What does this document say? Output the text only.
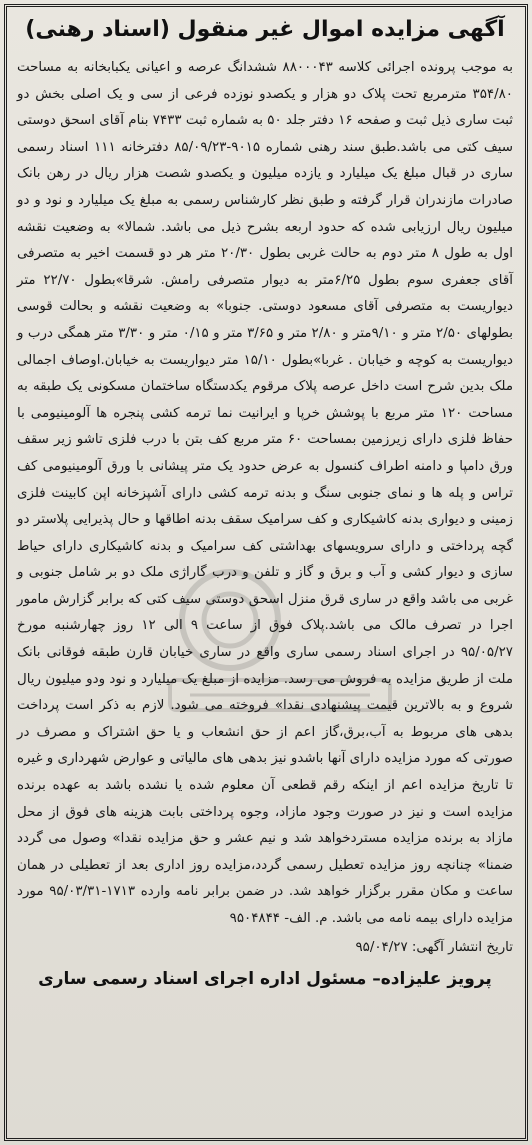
آگهی مزایده اموال غیر منقول (اسناد رهنی)

به موجب پرونده اجرائی کلاسه ۸۸۰۰۰۴۳ ششدانگ عرصه و اعیانی یکبابخانه به مساحت ۳۵۴/۸۰ مترمربع تحت پلاک دو هزار و یکصدو نوزده فرعی از سی و یک اصلی بخش دو ثبت ساری ذیل ثبت و صفحه ۱۶ دفتر جلد ۵۰ به شماره ثبت ۷۴۳۳ بنام آقای اسحق دوستی سیف کتی می باشد.طبق سند رهنی شماره ۹۰۱۵-۸۵/۰۹/۲۳ دفترخانه ۱۱۱ اسناد رسمی ساری در قبال مبلغ یک میلیارد و یازده میلیون و یکصدو شصت هزار ریال در رهن بانک صادرات مازندران قرار گرفته و طبق نظر کارشناس رسمی به مبلغ یک میلیارد و نود و دو میلیون ریال ارزیابی شده که حدود اربعه بشرح ذیل می باشد. شمالا» به وضعیت نقشه اول به طول ۸ متر دوم به حالت غربی بطول ۲۰/۳۰ متر هر دو قسمت اخیر به متصرفی آقای جعفری سوم بطول ۶/۲۵متر به دیوار متصرفی رامش. شرقا»بطول ۲۲/۷۰ متر دیواریست به متصرفی آقای مسعود دوستی. جنوبا» به وضعیت نقشه و بحالت قوسی بطولهای ۲/۵۰ متر و ۹/۱۰متر و ۲/۸۰ متر و ۳/۶۵ متر و ۰/۱۵ متر و ۳/۳۰ متر همگی درب و دیواریست به کوچه و خیابان . غربا»بطول ۱۵/۱۰ متر دیواریست به خیابان.اوصاف اجمالی ملک بدین شرح است داخل عرصه پلاک مرقوم یکدستگاه ساختمان مسکونی یک طبقه به مساحت ۱۲۰ متر مربع با پوشش خرپا و ایرانیت نما ترمه کشی پنجره ها آلومینیومی با حفاظ فلزی دارای زیرزمین بمساحت ۶۰ متر مربع کف بتن با درب فلزی تاشو زیر سقف ورق دامپا و دامنه اطراف کنسول به عرض حدود یک متر پیشانی با ورق آلومینیومی کف تراس و پله ها و نمای جنوبی سنگ و بدنه ترمه کشی دارای آشپزخانه اپن کابینت فلزی زمینی و دیواری بدنه کاشیکاری و کف سرامیک سقف بدنه اطاقها و حال پذیرایی پلاستر دو گچه پرداختی و دارای سرویسهای بهداشتی کف سرامیک و بدنه کاشیکاری دارای حیاط سازی و دیوار کشی و آب و برق و گاز و تلفن و درب گاراژی ملک دو بر شامل جنوبی و غربی می باشد واقع در ساری قرق منزل اسحق دوستی سیف کتی که برابر گزارش مامور اجرا در تصرف مالک می باشد.پلاک فوق از ساعت ۹ الی ۱۲ روز چهارشنبه مورخ ۹۵/۰۵/۲۷ در اجرای اسناد رسمی ساری واقع در ساری خیابان قارن طبقه فوقانی بانک ملت از طریق مزایده به فروش می رسد. مزایده از مبلغ یک میلیارد و نود ودو میلیون ریال شروع و به بالاترین قیمت پیشنهادی نقدا» فروخته می شود. لازم به ذکر است پرداخت بدهی های مربوط به آب،برق،گاز اعم از حق انشعاب و یا حق اشتراک و مصرف در صورتی که مورد مزایده دارای آنها باشدو نیز بدهی های مالیاتی و عوارض شهرداری و غیره تا تاریخ مزایده اعم از اینکه رقم قطعی آن معلوم شده یا نشده باشد به عهده برنده مزایده است و نیز در صورت وجود مازاد، وجوه پرداختی بابت هزینه های فوق از محل مازاد به برنده مزایده مستردخواهد شد و نیم عشر و حق مزایده نقدا» وصول می گردد ضمنا» چنانچه روز مزایده تعطیل رسمی گردد،مزایده روز اداری بعد از تعطیلی در همان ساعت و مکان مقرر برگزار خواهد شد. در ضمن برابر نامه وارده ۱۷۱۳-۹۵/۰۳/۳۱ مورد مزایده دارای بیمه نامه می باشد. م. الف- ۹۵۰۴۸۴۴

تاریخ انتشار آگهی: ۹۵/۰۴/۲۷

پرویز علیزاده– مسئول اداره اجرای اسناد رسمی ساری
